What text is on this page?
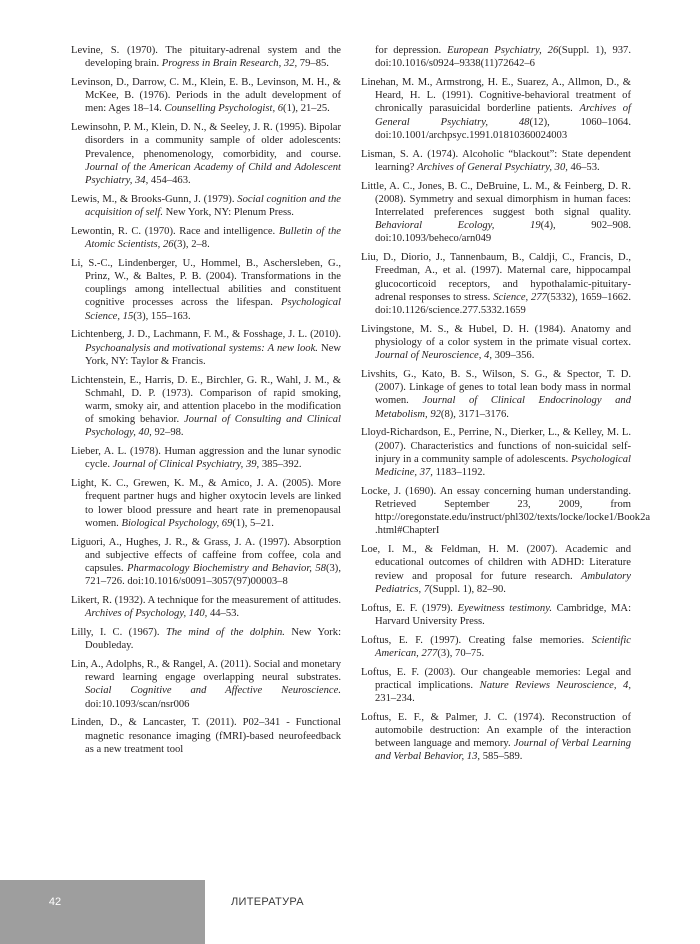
Levine, S. (1970). The pituitary-adrenal system and the developing brain. Progress in Brain Research, 32, 79–85.

Levinson, D., Darrow, C. M., Klein, E. B., Levinson, M. H., & McKee, B. (1976). Periods in the adult development of men: Ages 18–14. Counselling Psychologist, 6(1), 21–25.

Lewinsohn, P. M., Klein, D. N., & Seeley, J. R. (1995). Bipolar disorders in a community sample of older adolescents: Prevalence, phenomenology, comorbidity, and course. Journal of the American Academy of Child and Adolescent Psychiatry, 34, 454–463.

Lewis, M., & Brooks-Gunn, J. (1979). Social cognition and the acquisition of self. New York, NY: Plenum Press.

Lewontin, R. C. (1970). Race and intelligence. Bulletin of the Atomic Scientists, 26(3), 2–8.

Li, S.-C., Lindenberger, U., Hommel, B., Aschersleben, G., Prinz, W., & Baltes, P. B. (2004). Transformations in the couplings among intellectual abilities and constituent cognitive processes across the lifespan. Psychological Science, 15(3), 155–163.

Lichtenberg, J. D., Lachmann, F. M., & Fosshage, J. L. (2010). Psychoanalysis and motivational systems: A new look. New York, NY: Taylor & Francis.

Lichtenstein, E., Harris, D. E., Birchler, G. R., Wahl, J. M., & Schmahl, D. P. (1973). Comparison of rapid smoking, warm, smoky air, and attention placebo in the modification of smoking behavior. Journal of Consulting and Clinical Psychology, 40, 92–98.

Lieber, A. L. (1978). Human aggression and the lunar synodic cycle. Journal of Clinical Psychiatry, 39, 385–392.

Light, K. C., Grewen, K. M., & Amico, J. A. (2005). More frequent partner hugs and higher oxytocin levels are linked to lower blood pressure and heart rate in premenopausal women. Biological Psychology, 69(1), 5–21.

Liguori, A., Hughes, J. R., & Grass, J. A. (1997). Absorption and subjective effects of caffeine from coffee, cola and capsules. Pharmacology Biochemistry and Behavior, 58(3), 721–726. doi:10.1016/s0091–3057(97)00003–8

Likert, R. (1932). A technique for the measurement of attitudes. Archives of Psychology, 140, 44–53.

Lilly, I. C. (1967). The mind of the dolphin. New York: Doubleday.

Lin, A., Adolphs, R., & Rangel, A. (2011). Social and monetary reward learning engage overlapping neural substrates. Social Cognitive and Affective Neuroscience. doi:10.1093/scan/nsr006

Linden, D., & Lancaster, T. (2011). P02–341 - Functional magnetic resonance imaging (fMRI)-based neurofeedback as a new treatment tool

for depression. European Psychiatry, 26(Suppl. 1), 937. doi:10.1016/s0924–9338(11)72642–6

Linehan, M. M., Armstrong, H. E., Suarez, A., Allmon, D., & Heard, H. L. (1991). Cognitive-behavioral treatment of chronically parasuicidal borderline patients. Archives of General Psychiatry, 48(12), 1060–1064. doi:10.1001/archpsyc.1991.01810360024003

Lisman, S. A. (1974). Alcoholic “blackout”: State dependent learning? Archives of General Psychiatry, 30, 46–53.

Little, A. C., Jones, B. C., DeBruine, L. M., & Feinberg, D. R. (2008). Symmetry and sexual dimorphism in human faces: Interrelated preferences suggest both signal quality. Behavioral Ecology, 19(4), 902–908. doi:10.1093/beheco/arn049

Liu, D., Diorio, J., Tannenbaum, B., Caldji, C., Francis, D., Freedman, A., et al. (1997). Maternal care, hippocampal glucocorticoid receptors, and hypothalamic-pituitary- adrenal responses to stress. Science, 277(5332), 1659–1662. doi:10.1126/science.277.5332.1659

Livingstone, M. S., & Hubel, D. H. (1984). Anatomy and physiology of a color system in the primate visual cortex. Journal of Neuroscience, 4, 309–356.

Livshits, G., Kato, B. S., Wilson, S. G., & Spector, T. D. (2007). Linkage of genes to total lean body mass in normal women. Journal of Clinical Endocrinology and Metabolism, 92(8), 3171–3176.

Lloyd-Richardson, E., Perrine, N., Dierker, L., & Kelley, M. L. (2007). Characteristics and functions of non-suicidal self-injury in a community sample of adolescents. Psychological Medicine, 37, 1183–1192.

Locke, J. (1690). An essay concerning human understanding. Retrieved September 23, 2009, from http://oregonstate.edu/instruct/phl302/texts/locke/locke1/Book2a .html#ChapterI

Loe, I. M., & Feldman, H. M. (2007). Academic and educational outcomes of children with ADHD: Literature review and proposal for future research. Ambulatory Pediatrics, 7(Suppl. 1), 82–90.

Loftus, E. F. (1979). Eyewitness testimony. Cambridge, MA: Harvard University Press.

Loftus, E. F. (1997). Creating false memories. Scientific American, 277(3), 70–75.

Loftus, E. F. (2003). Our changeable memories: Legal and practical implications. Nature Reviews Neuroscience, 4, 231–234.

Loftus, E. F., & Palmer, J. C. (1974). Reconstruction of automobile destruction: An example of the interaction between language and memory. Journal of Verbal Learning and Verbal Behavior, 13, 585–589.

42	ЛИТЕРАТУРА
